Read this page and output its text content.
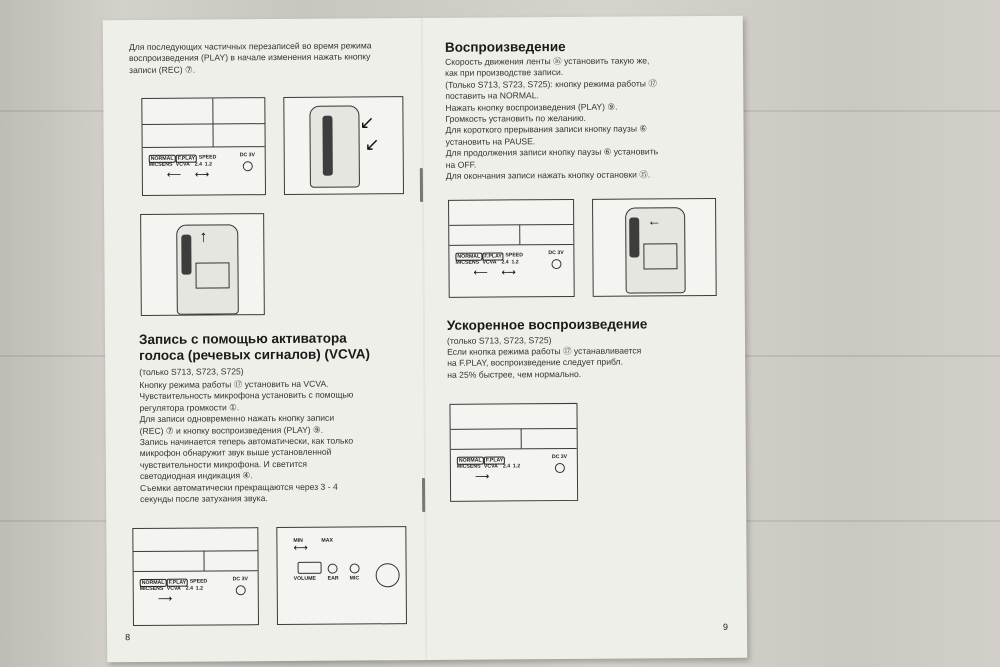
Для последующих частичных перезаписей во время режима воспроизведения (PLAY) в начале изменения нажать кнопку записи (REC) ⑦.

NORMAL F.PLAY SPEED
MICSENS VCVA 2.4 1.2
DC 3V
⟵ ⟷
↙
↙
↑
Запись с помощью активатора
голоса (речевых сигналов) (VCVA)
(только S713, S723, S725)

Кнопку режима работы ⑰ установить на VCVA.

Чувствительность микрофона установить с помощью

регулятора громкости ①.

Для записи одновременно нажать кнопку записи

(REC) ⑦ и кнопку воспроизведения (PLAY) ⑨.

Запись начинается теперь автоматически, как только

микрофон обнаружит звук выше установленной

чувствительности микрофона. И светится

светодиодная индикация ④.

Съемки автоматически прекращаются через 3 - 4

секунды после затухания звука.

NORMAL F.PLAY SPEED
MICSENS VCVA 2.4 1.2
DC 3V
⟶
MIN	MAX
⟷
VOLUME EAR MIC
8
Воспроизведение

Скорость движения ленты ⑯ установить такую же,

как при производстве записи.

(Только S713, S723, S725): кнопку режима работы ⑰

поставить на NORMAL.

Нажать кнопку воспроизведения (PLAY) ⑨.

Громкость установить по желанию.

Для короткого прерывания записи кнопку паузы ⑥

установить на PAUSE.

Для продолжения записи кнопку паузы ⑥ установить

на OFF.

Для окончания записи нажать кнопку остановки ⑮.

NORMAL F.PLAY SPEED
MICSENS VCVA 2.4 1.2
DC 3V
⟵ ⟷
←
Ускоренное воспроизведение
(только S713, S723, S725)

Если кнопка режима работы ⑰ устанавливается

на F.PLAY, воспроизведение следует прибл.

на 25% быстрее, чем нормально.

NORMAL F.PLAY
MICSENS VCVA 2.4 1.2
DC 3V
⟶
9
